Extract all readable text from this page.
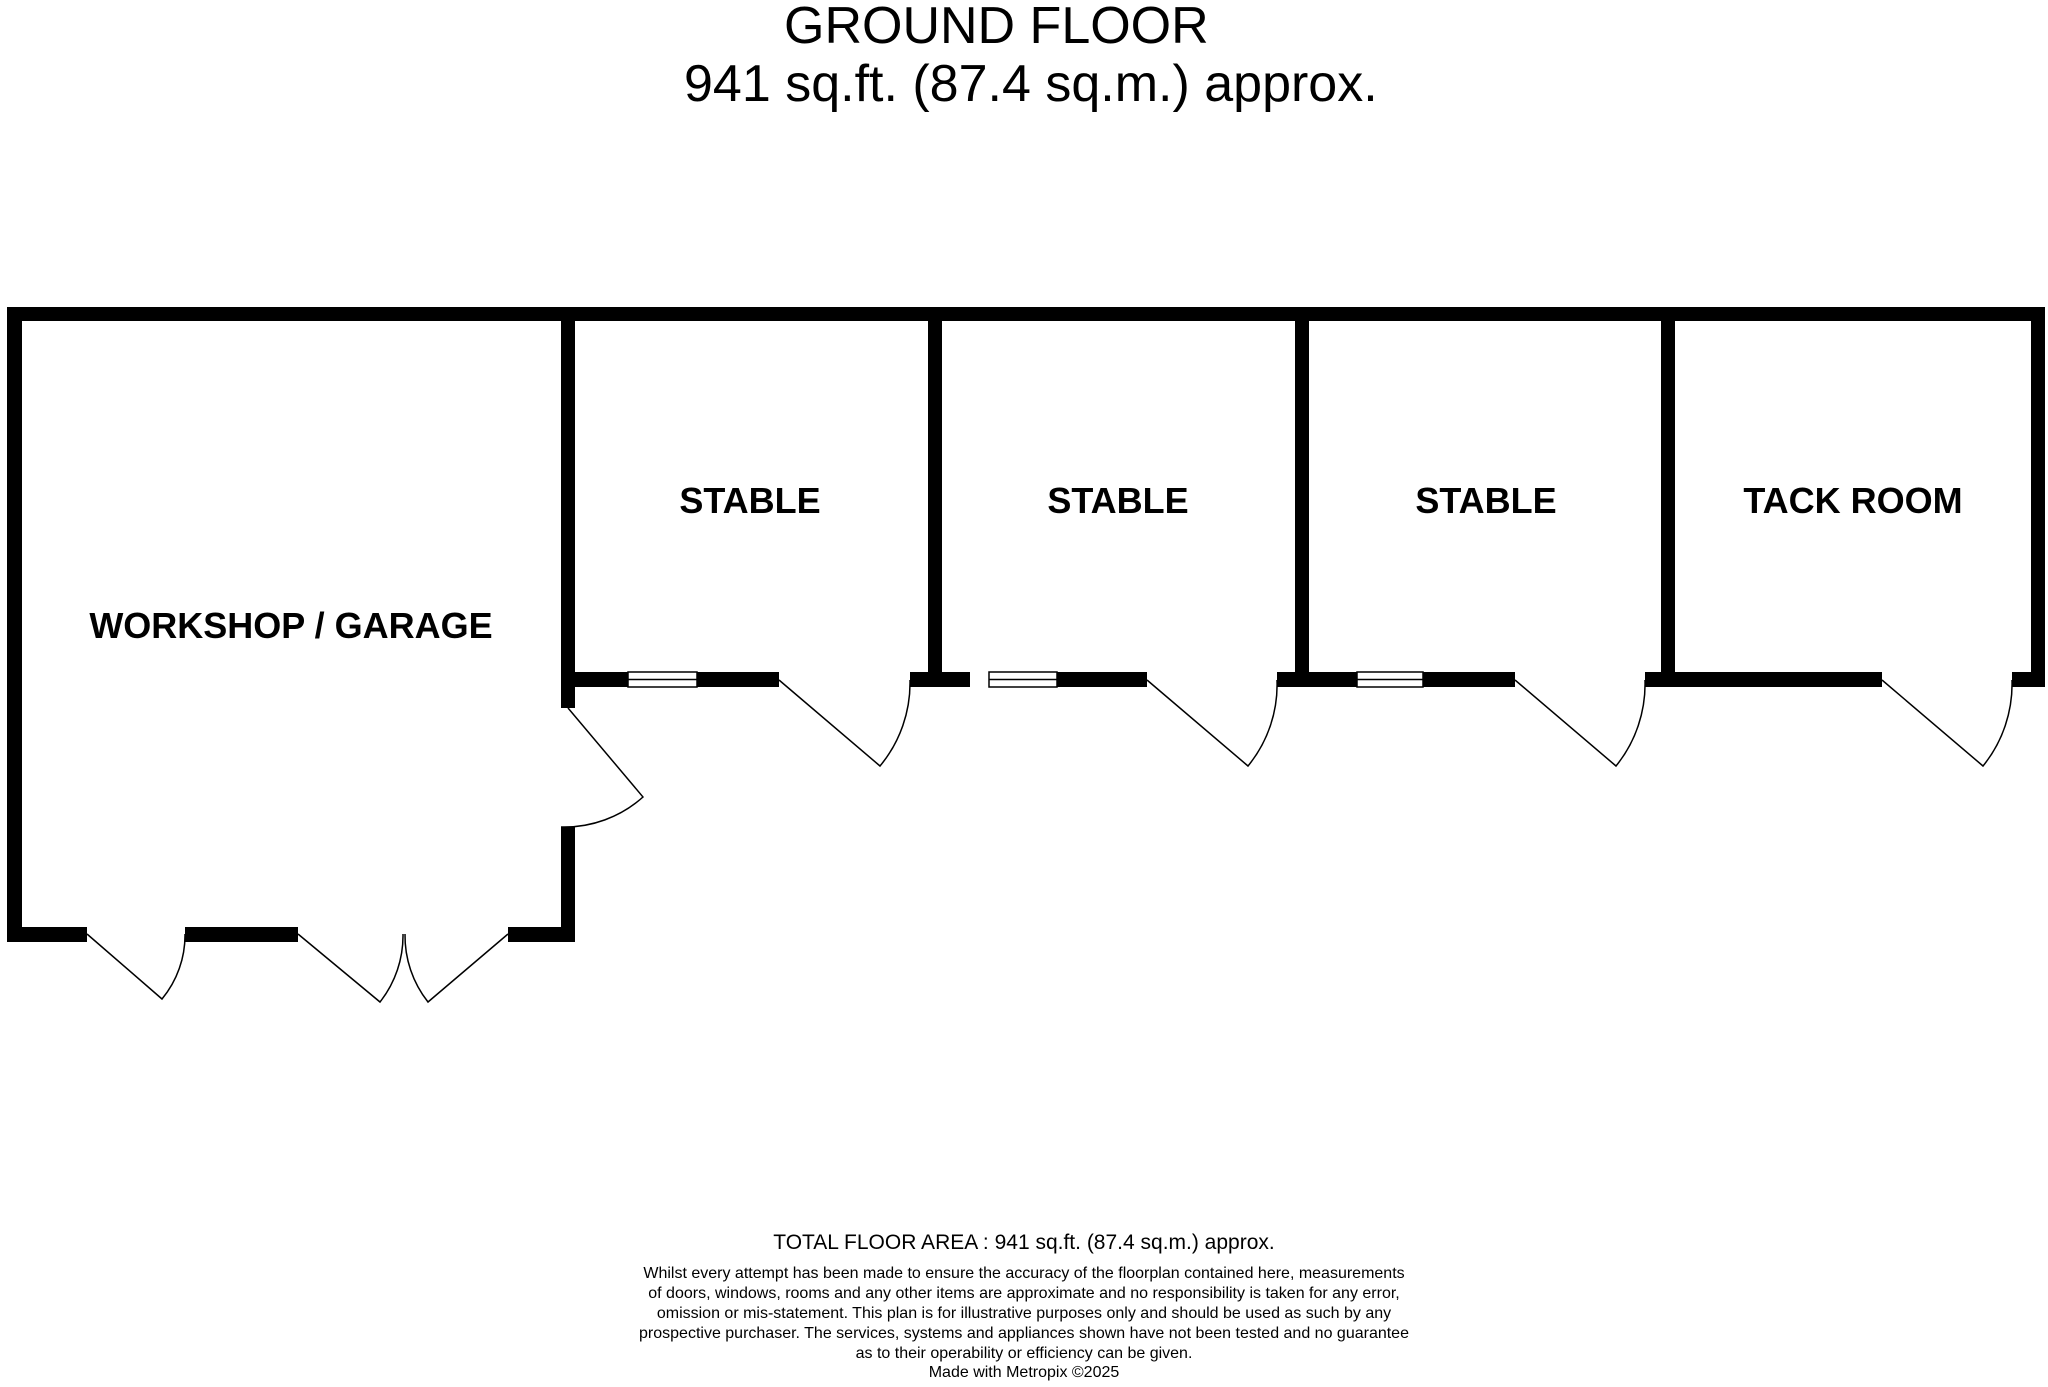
GROUND FLOOR
941 sq.ft. (87.4 sq.m.) approx.
WORKSHOP / GARAGE
STABLE	STABLE	STABLE	TACK ROOM
TOTAL FLOOR AREA : 941 sq.ft. (87.4 sq.m.) approx.
Whilst every attempt has been made to ensure the accuracy of the floorplan contained here, measurements
of doors, windows, rooms and any other items are approximate and no responsibility is taken for any error,
omission or mis-statement. This plan is for illustrative purposes only and should be used as such by any
prospective purchaser. The services, systems and appliances shown have not been tested and no guarantee
as to their operability or efficiency can be given.
Made with Metropix ©2025
